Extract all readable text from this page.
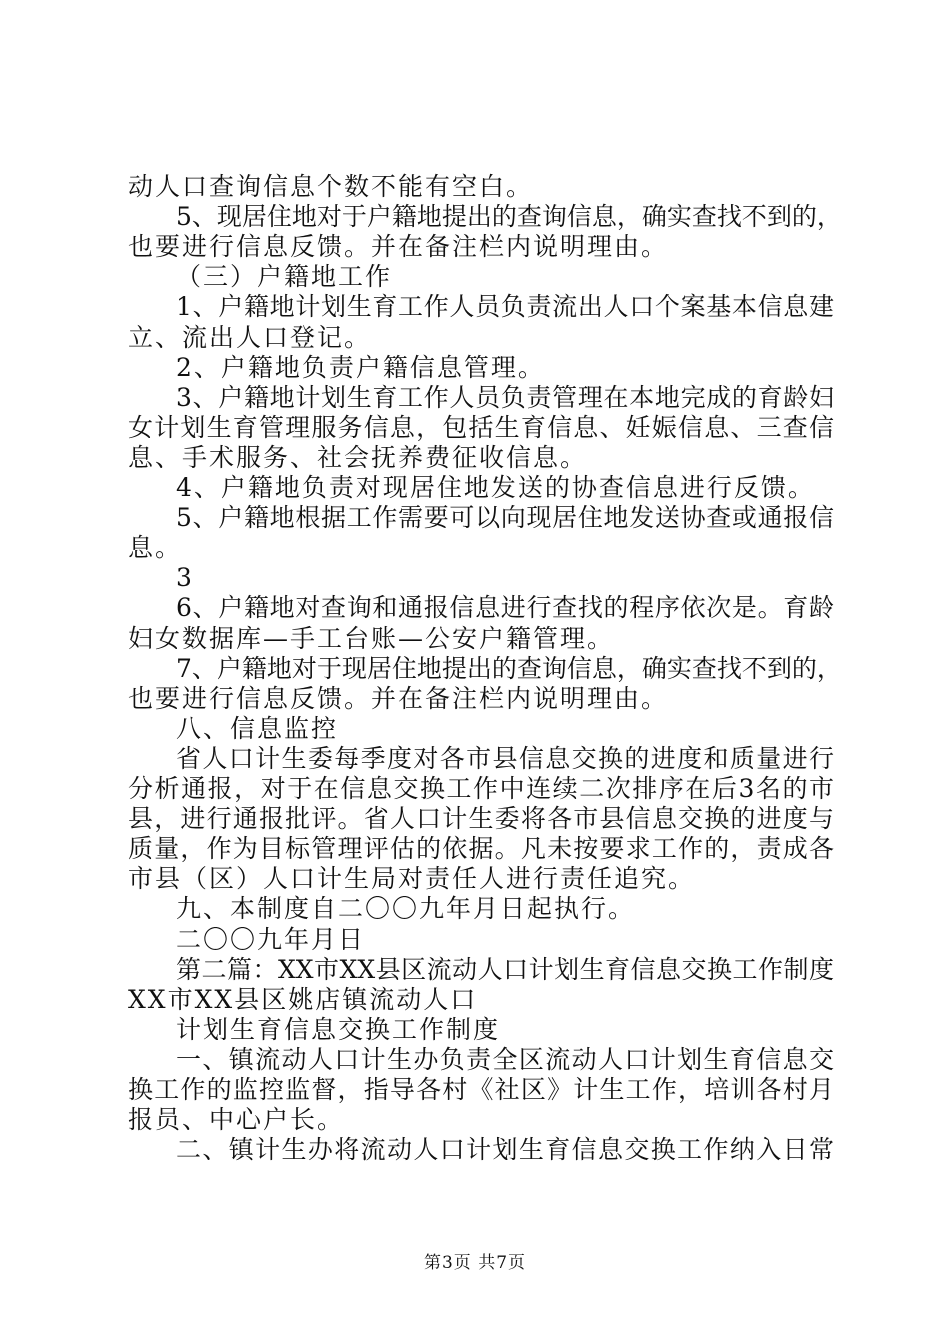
动人口查询信息个数不能有空白。
5、现居住地对于户籍地提出的查询信息，确实查找不到的，
也要进行信息反馈。并在备注栏内说明理由。
（三）户籍地工作
1、户籍地计划生育工作人员负责流出人口个案基本信息建
立、流出人口登记。
2、户籍地负责户籍信息管理。
3、户籍地计划生育工作人员负责管理在本地完成的育龄妇
女计划生育管理服务信息，包括生育信息、妊娠信息、三查信
息、手术服务、社会抚养费征收信息。
4、户籍地负责对现居住地发送的协查信息进行反馈。
5、户籍地根据工作需要可以向现居住地发送协查或通报信
息。
3
6、户籍地对查询和通报信息进行查找的程序依次是。育龄
妇女数据库—手工台账—公安户籍管理。
7、户籍地对于现居住地提出的查询信息，确实查找不到的，
也要进行信息反馈。并在备注栏内说明理由。
八、信息监控
省人口计生委每季度对各市县信息交换的进度和质量进行
分析通报，对于在信息交换工作中连续二次排序在后3名的市
县，进行通报批评。省人口计生委将各市县信息交换的进度与
质量，作为目标管理评估的依据。凡未按要求工作的，责成各
市县（区）人口计生局对责任人进行责任追究。
九、本制度自二〇〇九年月日起执行。
二〇〇九年月日
第二篇：XX市XX县区流动人口计划生育信息交换工作制度
XX市XX县区姚店镇流动人口
计划生育信息交换工作制度
一、镇流动人口计生办负责全区流动人口计划生育信息交
换工作的监控监督，指导各村《社区》计生工作，培训各村月
报员、中心户长。
二、镇计生办将流动人口计划生育信息交换工作纳入日常
第3页 共7页
